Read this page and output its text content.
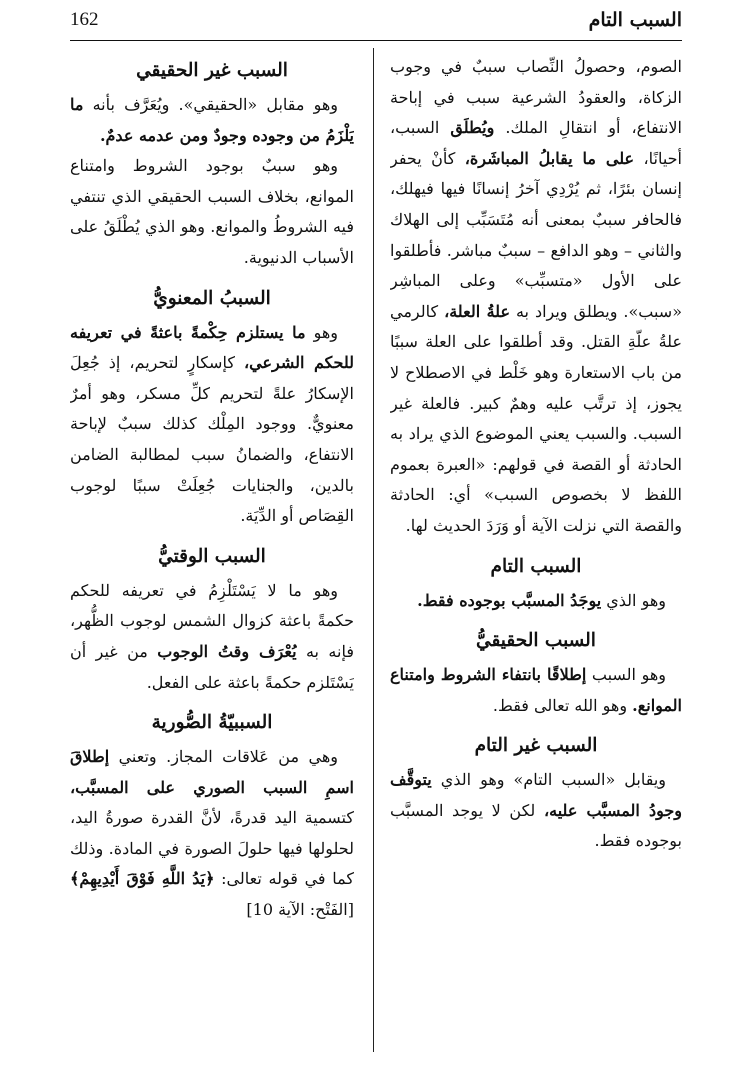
السبب التام
162

الصوم، وحصولُ النِّصاب سببٌ في وجوب الزكاة، والعقودُ الشرعية سبب في إباحة الانتفاع، أو انتقالِ الملك. ويُطلَق السبب، أحيانًا، على ما يقابلُ المباشَرة، كأنْ يحفر إنسان بئرًا، ثم يُرْدِي آخرُ إنسانًا فيها فيهلك، فالحافر سببٌ بمعنى أنه مُتَسَبِّب إلى الهلاك والثاني – وهو الدافع – سببٌ مباشر. فأطلقوا على الأول «متسبِّب» وعلى المباشِر «سبب». ويطلق ويراد به علةُ العلة، كالرمي علةُ علّةِ القتل. وقد أطلقوا على العلة سببًا من باب الاستعارة وهو خَلْط في الاصطلاح لا يجوز، إذ ترتَّب عليه وهمٌ كبير. فالعلة غير السبب. والسبب يعني الموضوع الذي يراد به الحادثة أو القصة في قولهم: «العبرة بعموم اللفظ لا بخصوص السبب» أي: الحادثة والقصة التي نزلت الآية أو وَرَدَ الحديث لها.

السبب التام

وهو الذي يوجَدُ المسبَّب بوجوده فقط.

السبب الحقيقيُّ

وهو السبب إطلاقًا بانتفاء الشروط وامتناع الموانع. وهو الله تعالى فقط.

السبب غير التام

ويقابل «السبب التام» وهو الذي يتوقَّف وجودُ المسبَّب عليه، لكن لا يوجد المسبَّب بوجوده فقط.

السبب غير الحقيقي

وهو مقابل «الحقيقي». ويُعَرَّف بأنه ما يَلْزَمُ من وجوده وجودٌ ومن عدمه عدمٌ.

وهو سببٌ بوجود الشروط وامتناع الموانع، بخلاف السبب الحقيقي الذي تنتفي فيه الشروطُ والموانع. وهو الذي يُطْلَقُ على الأسباب الدنيوية.

السببُ المعنويُّ

وهو ما يستلزم حِكْمةً باعثةً في تعريفه للحكم الشرعي، كإسكارٍ لتحريم، إذ جُعِلَ الإسكارُ علةً لتحريم كلِّ مسكر، وهو أمرٌ معنويٌّ. ووجود المِلْك كذلك سببٌ لإباحة الانتفاع، والضمانُ سبب لمطالبة الضامن بالدين، والجنايات جُعِلَتْ سببًا لوجوب القِصَاص أو الدِّيَة.

السبب الوقتيُّ

وهو ما لا يَسْتَلْزِمُ في تعريفه للحكم حكمةً باعثة كزوال الشمس لوجوب الظُّهر، فإنه به يُعْرَف وقتُ الوجوب من غير أن يَسْتَلزم حكمةً باعثة على الفعل.

السببيّةُ الصُّورية

وهي من عَلاقات المجاز. وتعني إطلاقَ اسمِ السبب الصوري على المسبَّب، كتسمية اليد قدرةً، لأنَّ القدرة صورةُ اليد، لحلولها فيها حلولَ الصورة في المادة. وذلك كما في قوله تعالى: ﴿يَدُ اللَّهِ فَوْقَ أَيْدِيهِمْ﴾ [الفَتْح: الآية 10]
